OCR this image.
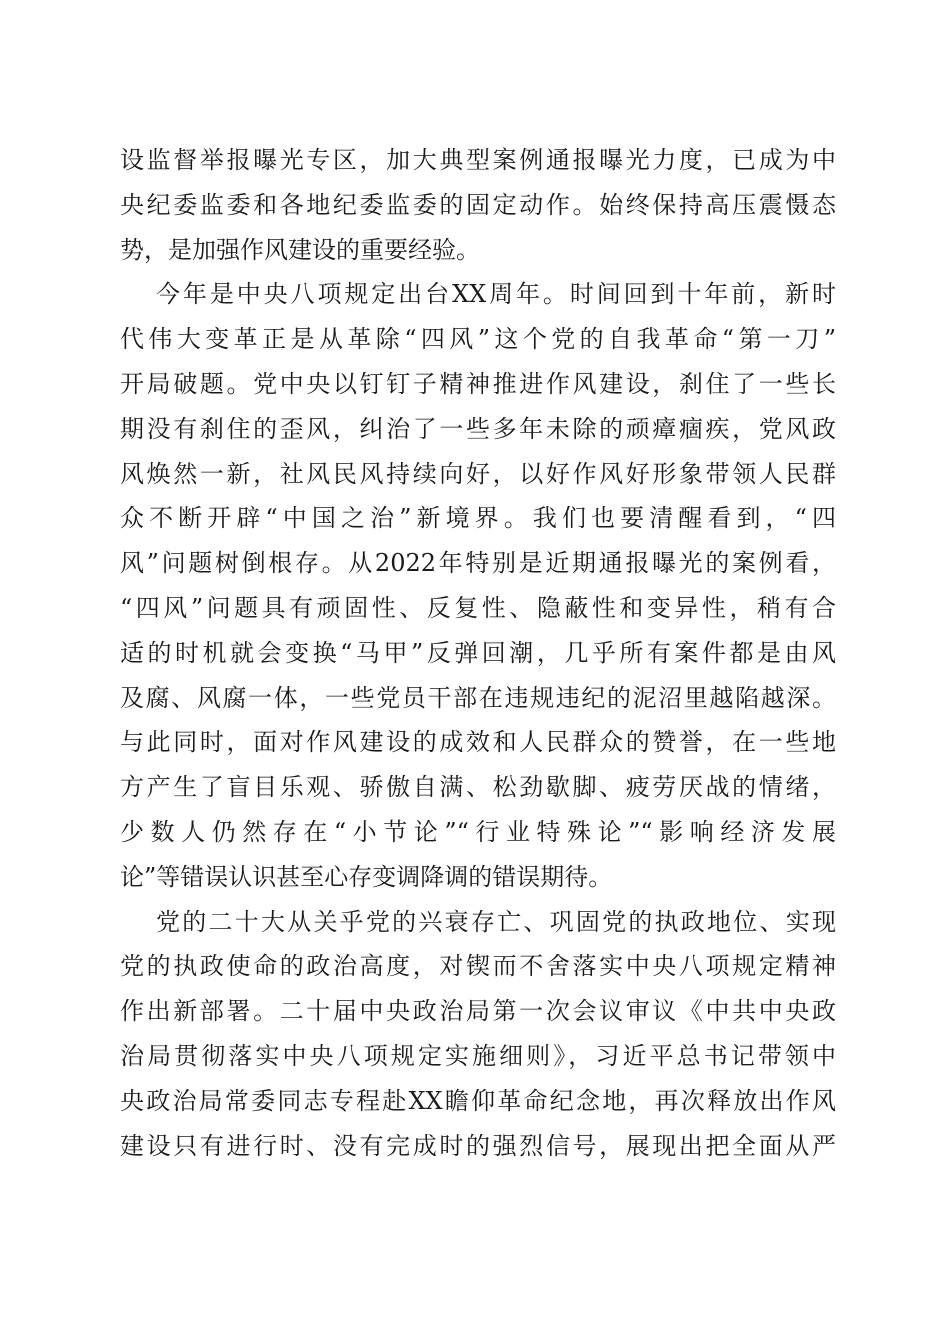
设监督举报曝光专区，加大典型案例通报曝光力度，已成为中
央纪委监委和各地纪委监委的固定动作。始终保持高压震慑态
势，是加强作风建设的重要经验。
今年是中央八项规定出台XX周年。时间回到十年前，新时
代伟大变革正是从革除“四风”这个党的自我革命“第一刀”
开局破题。党中央以钉钉子精神推进作风建设，刹住了一些长
期没有刹住的歪风，纠治了一些多年未除的顽瘴痼疾，党风政
风焕然一新，社风民风持续向好，以好作风好形象带领人民群
众不断开辟“中国之治”新境界。我们也要清醒看到，“四
风”问题树倒根存。从2022年特别是近期通报曝光的案例看，
“四风”问题具有顽固性、反复性、隐蔽性和变异性，稍有合
适的时机就会变换“马甲”反弹回潮，几乎所有案件都是由风
及腐、风腐一体，一些党员干部在违规违纪的泥沼里越陷越深。
与此同时，面对作风建设的成效和人民群众的赞誉，在一些地
方产生了盲目乐观、骄傲自满、松劲歇脚、疲劳厌战的情绪，
少数人仍然存在“小节论”“行业特殊论”“影响经济发展
论”等错误认识甚至心存变调降调的错误期待。
党的二十大从关乎党的兴衰存亡、巩固党的执政地位、实现
党的执政使命的政治高度，对锲而不舍落实中央八项规定精神
作出新部署。二十届中央政治局第一次会议审议《中共中央政
治局贯彻落实中央八项规定实施细则》，习近平总书记带领中
央政治局常委同志专程赴XX瞻仰革命纪念地，再次释放出作风
建设只有进行时、没有完成时的强烈信号，展现出把全面从严
